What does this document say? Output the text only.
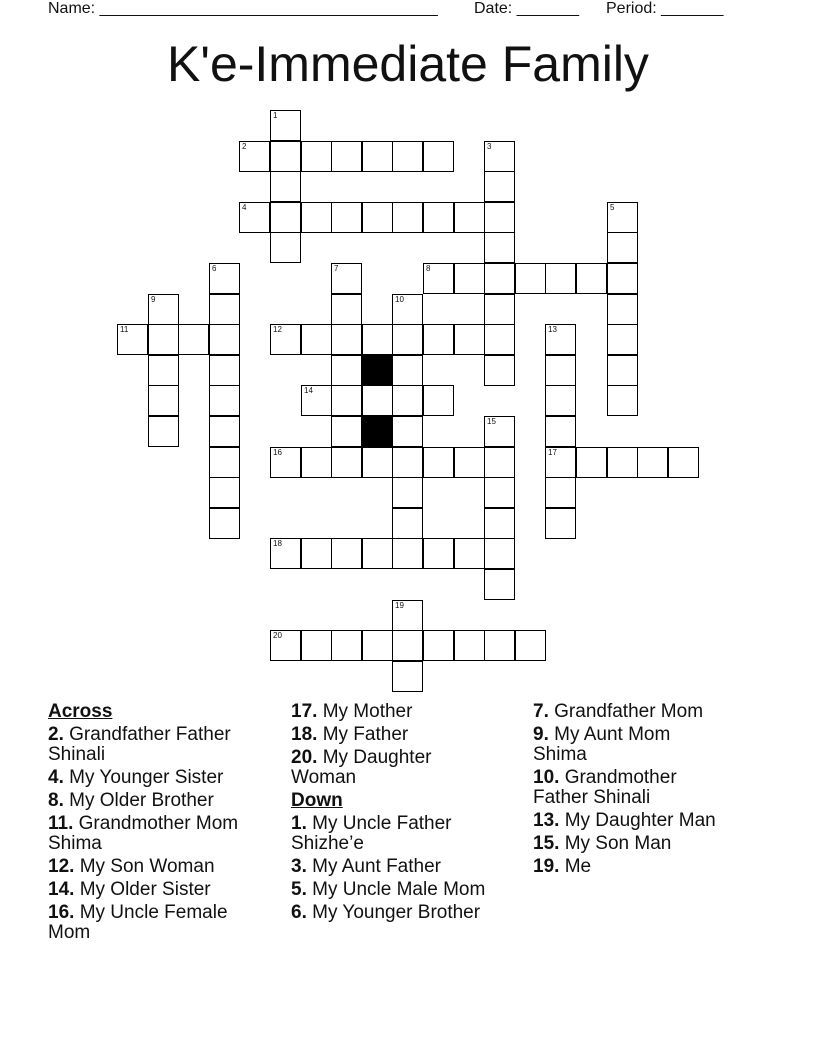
Name: ______________________________________ Date: _______ Period: _______
K'e-Immediate Family
1
2	3
4	5
6	7	8
9	10
11	12	13
17
14
15
16
18
19
20
Across
2. Grandfather Father Shinali
4. My Younger Sister
8. My Older Brother
11. Grandmother Mom Shima
12. My Son Woman
14. My Older Sister
16. My Uncle Female Mom
17. My Mother
18. My Father
20. My Daughter Woman
Down
1. My Uncle Father Shizhe’e
3. My Aunt Father
5. My Uncle Male Mom
6. My Younger Brother
7. Grandfather Mom
9. My Aunt Mom Shima
10. Grandmother Father Shinali
13. My Daughter Man
15. My Son Man
19. Me
